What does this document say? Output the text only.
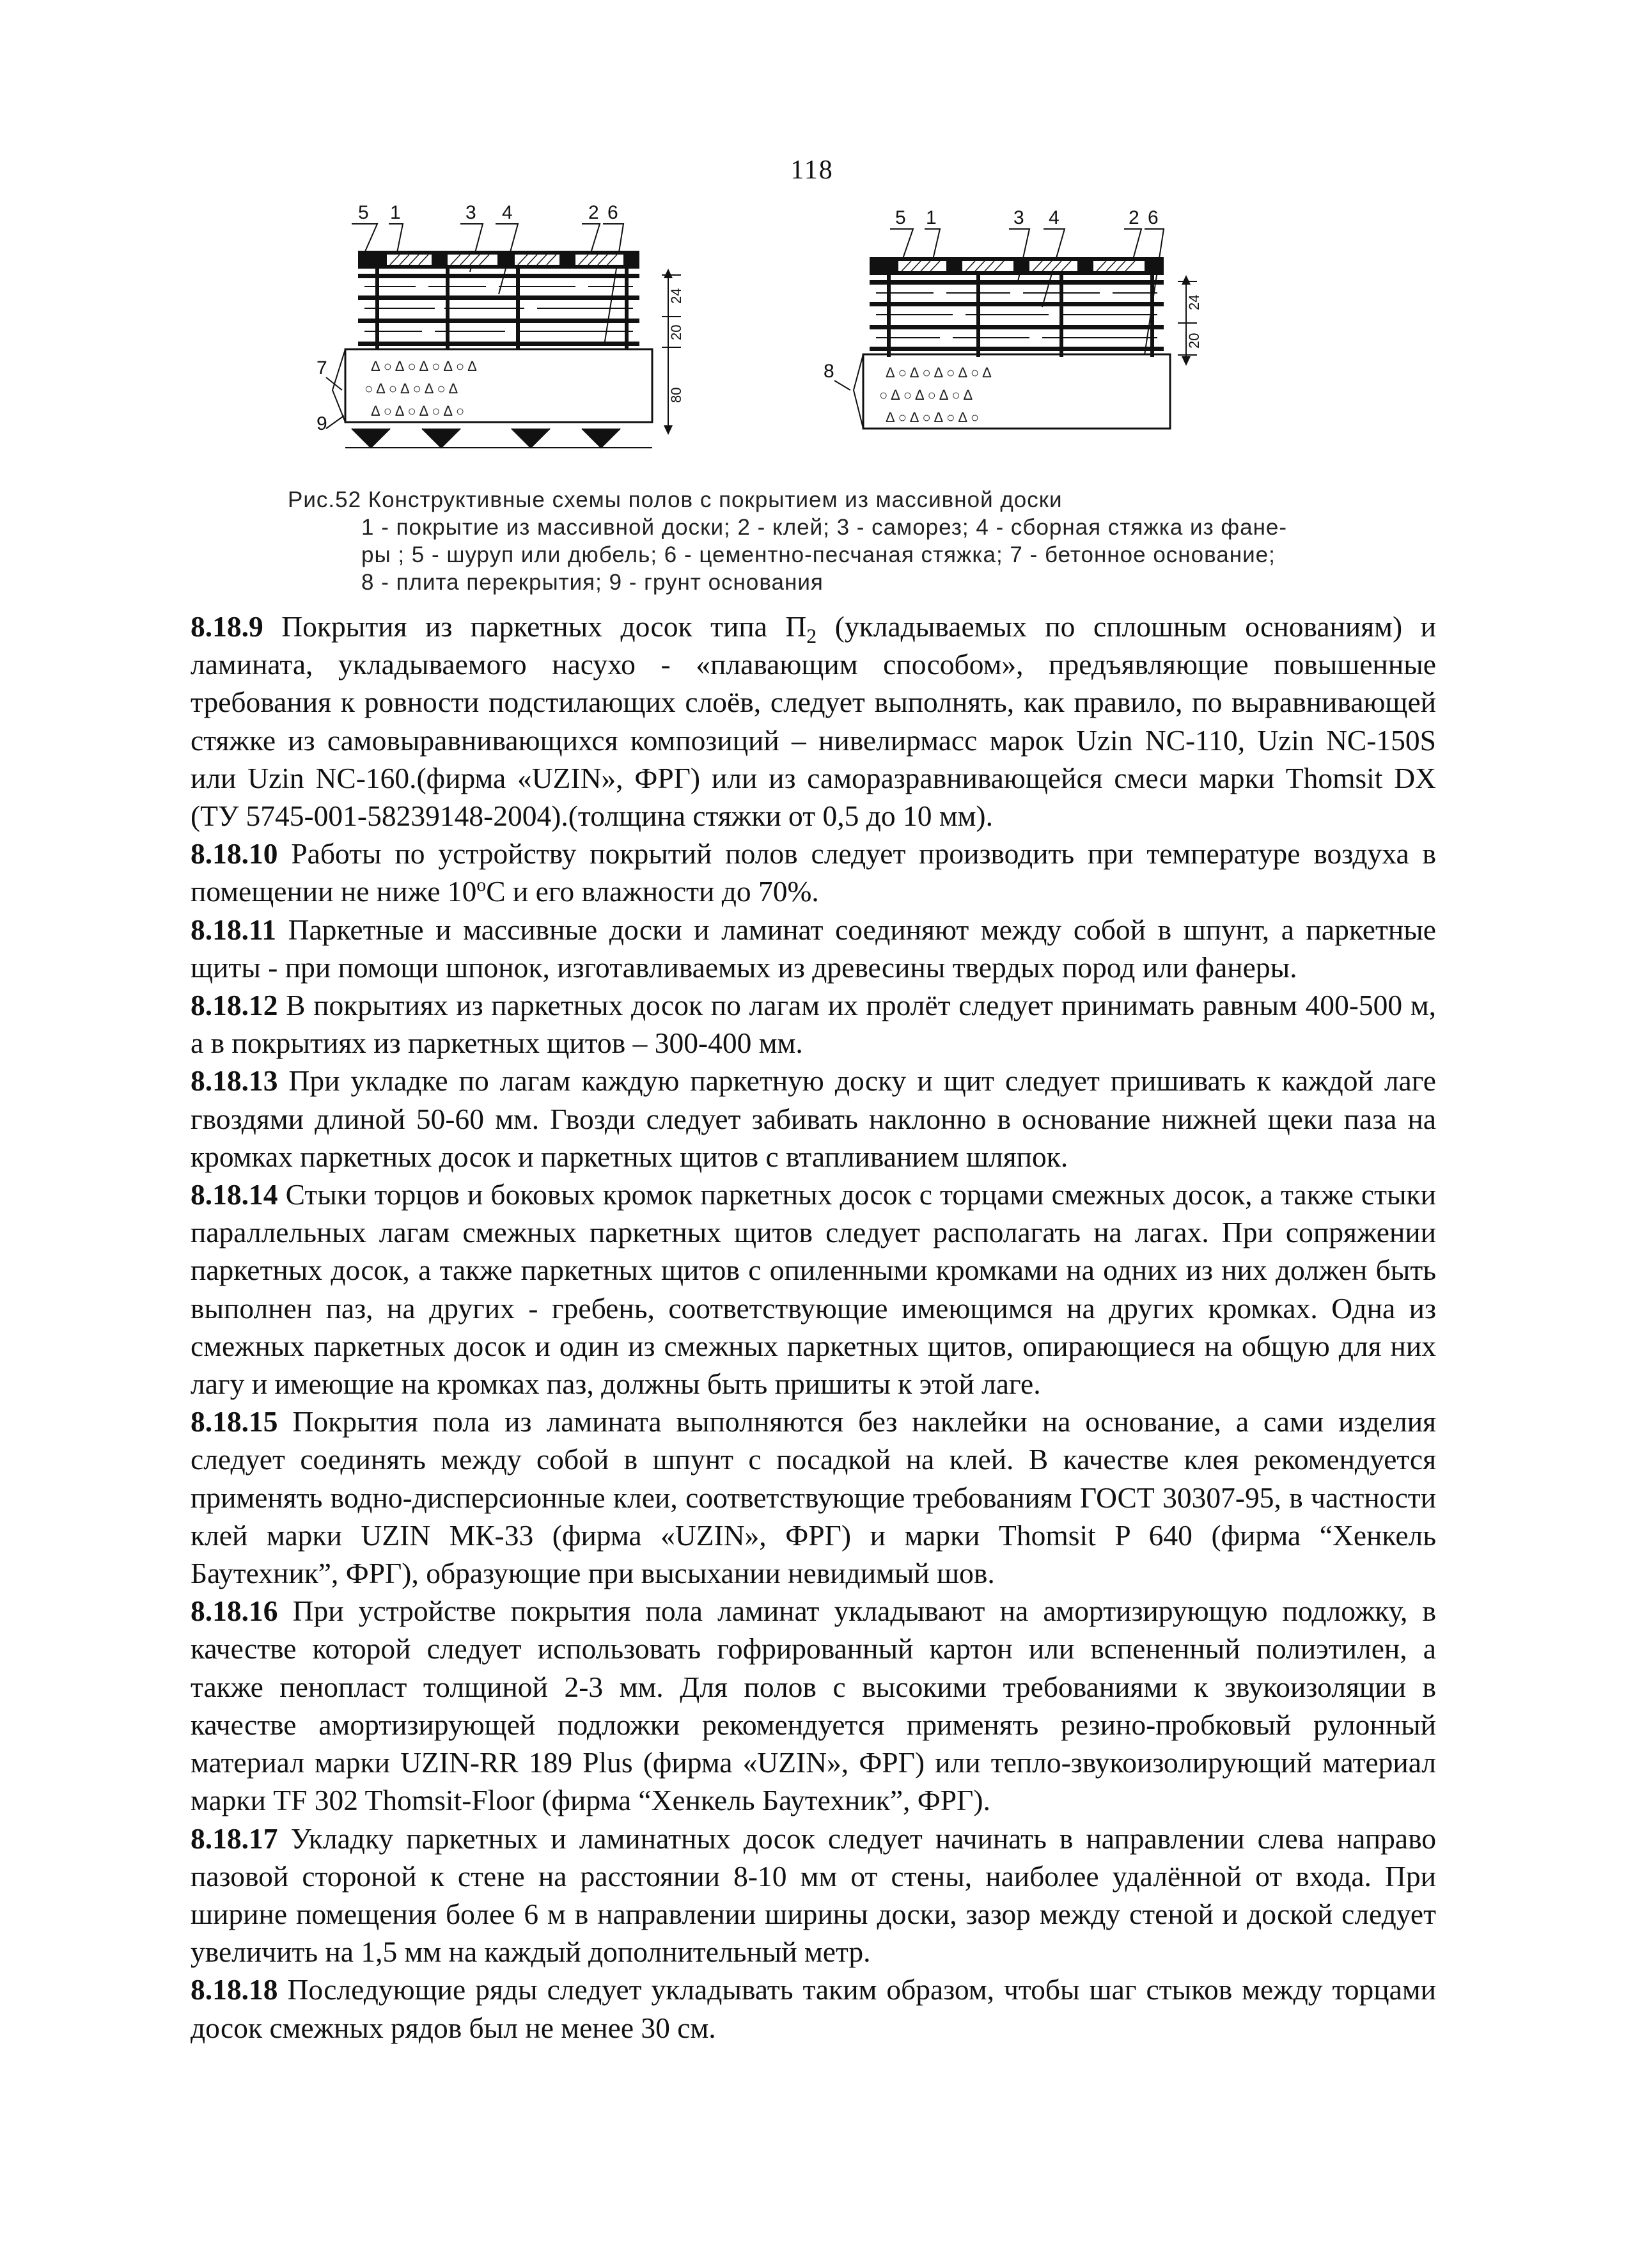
118
5 1	3 4	2 6
7
9
Δ ○ Δ ○ Δ ○ Δ ○ Δ
○ Δ ○ Δ ○ Δ ○ Δ
Δ ○ Δ ○ Δ ○ Δ ○
24
20
80
5 1	3 4	2 6
8	Δ ○ Δ ○ Δ ○ Δ ○ Δ
○ Δ ○ Δ ○ Δ ○ Δ
Δ ○ Δ ○ Δ ○ Δ ○
24
20
Рис.52 Конструктивные схемы полов с покрытием из массивной доски
1 - покрытие из массивной доски; 2 - клей; 3 - саморез; 4 - сборная стяжка из фане-
ры ; 5 - шуруп или дюбель; 6 - цементно-песчаная стяжка; 7 - бетонное основание;
8 - плита перекрытия; 9 - грунт основания

8.18.9 Покрытия из паркетных досок типа $П_2$ (укладываемых по сплошным основаниям) и ламината, укладываемого насухо - «плавающим способом», предъявляющие повышенные требования к ровности подстилающих слоёв, следует выполнять, как правило, по выравнивающей стяжке из самовыравнивающихся композиций – нивелирмасс марок Uzin NC-110, Uzin NC-150S или Uzin NC-160.(фирма «UZIN», ФРГ) или из саморазравнивающейся смеси марки Thomsit DX (ТУ 5745-001-58239148-2004).(толщина стяжки от 0,5 до 10 мм).

8.18.10 Работы по устройству покрытий полов следует производить при температуре воздуха в помещении не ниже $10^оС$ и его влажности до 70%.

8.18.11 Паркетные и массивные доски и ламинат соединяют между собой в шпунт, а паркетные щиты - при помощи шпонок, изготавливаемых из древесины твердых пород или фанеры.

8.18.12 В покрытиях из паркетных досок по лагам их пролёт следует принимать равным 400-500 м, а в покрытиях из паркетных щитов – 300-400 мм.

8.18.13 При укладке по лагам каждую паркетную доску и щит следует пришивать к каждой лаге гвоздями длиной 50-60 мм. Гвозди следует забивать наклонно в основание нижней щеки паза на кромках паркетных досок и паркетных щитов с втапливанием шляпок.

8.18.14 Стыки торцов и боковых кромок паркетных досок с торцами смежных досок, а также стыки параллельных лагам смежных паркетных щитов следует располагать на лагах. При сопряжении паркетных досок, а также паркетных щитов с опиленными кромками на одних из них должен быть выполнен паз, на других - гребень, соответствующие имеющимся на других кромках. Одна из смежных паркетных досок и один из смежных паркетных щитов, опирающиеся на общую для них лагу и имеющие на кромках паз, должны быть пришиты к этой лаге.

8.18.15 Покрытия пола из ламината выполняются без наклейки на основание, а сами изделия следует соединять между собой в шпунт с посадкой на клей. В качестве клея рекомендуется применять водно-дисперсионные клеи, соответствующие требованиям ГОСТ 30307-95, в частности клей марки UZIN МК-33 (фирма «UZIN», ФРГ) и марки Thomsit P 640 (фирма “Хенкель Баутехник”, ФРГ), образующие при высыхании невидимый шов.

8.18.16 При устройстве покрытия пола ламинат укладывают на амортизирующую подложку, в качестве которой следует использовать гофрированный картон или вспененный полиэтилен, а также пенопласт толщиной 2-3 мм. Для полов с высокими требованиями к звукоизоляции в качестве амортизирующей подложки рекомендуется применять резино-пробковый рулонный материал марки UZIN-RR 189 Plus (фирма «UZIN», ФРГ) или тепло-звукоизолирующий материал марки TF 302 Thomsit-Floor (фирма “Хенкель Баутехник”, ФРГ).

8.18.17 Укладку паркетных и ламинатных досок следует начинать в направлении слева направо пазовой стороной к стене на расстоянии 8-10 мм от стены, наиболее удалённой от входа. При ширине помещения более 6 м в направлении ширины доски, зазор между стеной и доской следует увеличить на 1,5 мм на каждый дополнительный метр.

8.18.18 Последующие ряды следует укладывать таким образом, чтобы шаг стыков между торцами досок смежных рядов был не менее 30 см.
